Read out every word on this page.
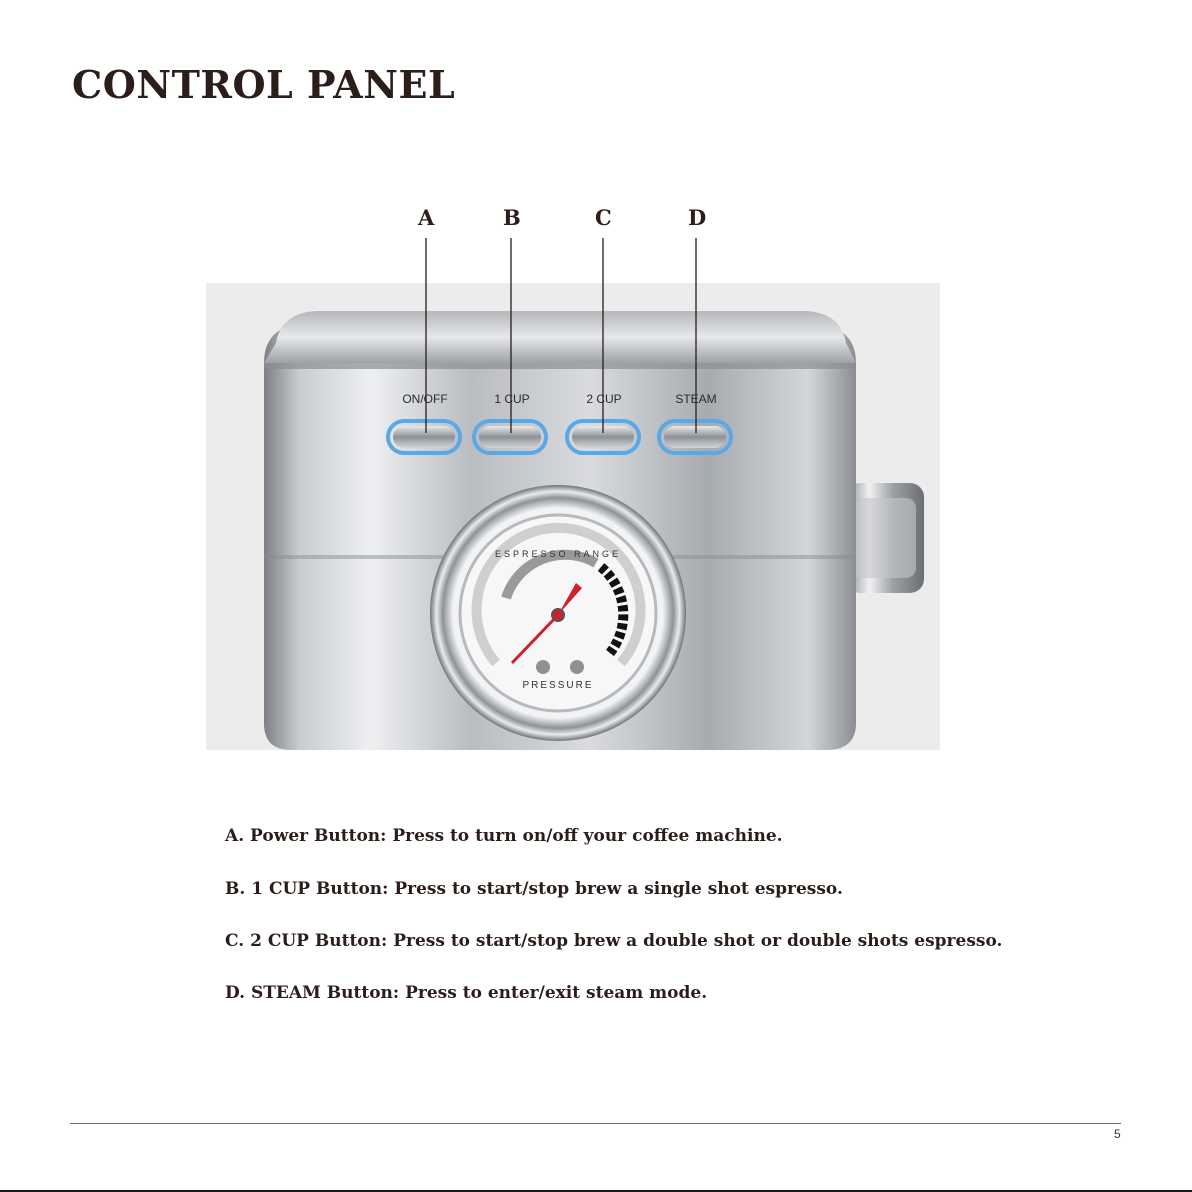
CONTROL PANEL
A	B	C	D
ON/OFF	1 CUP	2 CUP	STEAM
ESPRESSO RANGE
PRESSURE
A. Power Button: Press to turn on/off your coffee machine.
B. 1 CUP Button: Press to start/stop brew a single shot espresso.
C. 2 CUP Button: Press to start/stop brew a double shot or double shots espresso.
D. STEAM Button: Press to enter/exit steam mode.
5
